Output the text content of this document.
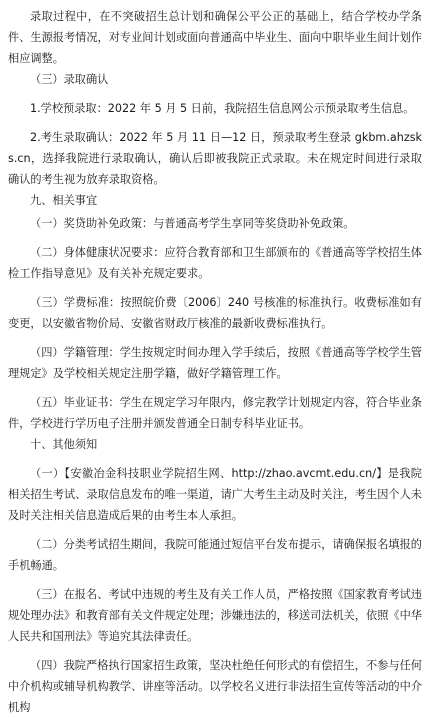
录取过程中，在不突破招生总计划和确保公平公正的基础上，结合学校办学条件、生源报考情况，对专业间计划或面向普通高中毕业生、面向中职毕业生间计划作相应调整。

（三）录取确认

1.学校预录取：2022 年 5 月 5 日前，我院招生信息网公示预录取考生信息。

2.考生录取确认：2022 年 5 月 11 日—12 日，预录取考生登录 gkbm.ahzsks.cn，选择我院进行录取确认，确认后即被我院正式录取。未在规定时间进行录取确认的考生视为放弃录取资格。

九、相关事宜

（一）奖贷助补免政策：与普通高考学生享同等奖贷助补免政策。

（二）身体健康状况要求：应符合教育部和卫生部颁布的《普通高等学校招生体检工作指导意见》及有关补充规定要求。

（三）学费标准：按照皖价费〔2006〕240 号核准的标准执行。收费标准如有变更，以安徽省物价局、安徽省财政厅核准的最新收费标准执行。

（四）学籍管理：学生按规定时间办理入学手续后，按照《普通高等学校学生管理规定》及学校相关规定注册学籍，做好学籍管理工作。

（五）毕业证书：学生在规定学习年限内，修完教学计划规定内容，符合毕业条件，学校进行学历电子注册并颁发普通全日制专科毕业证书。

十、其他须知

（一）【安徽冶金科技职业学院招生网、http://zhao.avcmt.edu.cn/】是我院相关招生考试、录取信息发布的唯一渠道，请广大考生主动及时关注，考生因个人未及时关注相关信息造成后果的由考生本人承担。

（二）分类考试招生期间，我院可能通过短信平台发布提示，请确保报名填报的手机畅通。

（三）在报名、考试中违规的考生及有关工作人员，严格按照《国家教育考试违规处理办法》和教育部有关文件规定处理；涉嫌违法的，移送司法机关，依照《中华人民共和国刑法》等追究其法律责任。

（四）我院严格执行国家招生政策，坚决杜绝任何形式的有偿招生，不参与任何中介机构或辅导机构教学、讲座等活动。以学校名义进行非法招生宣传等活动的中介机构
